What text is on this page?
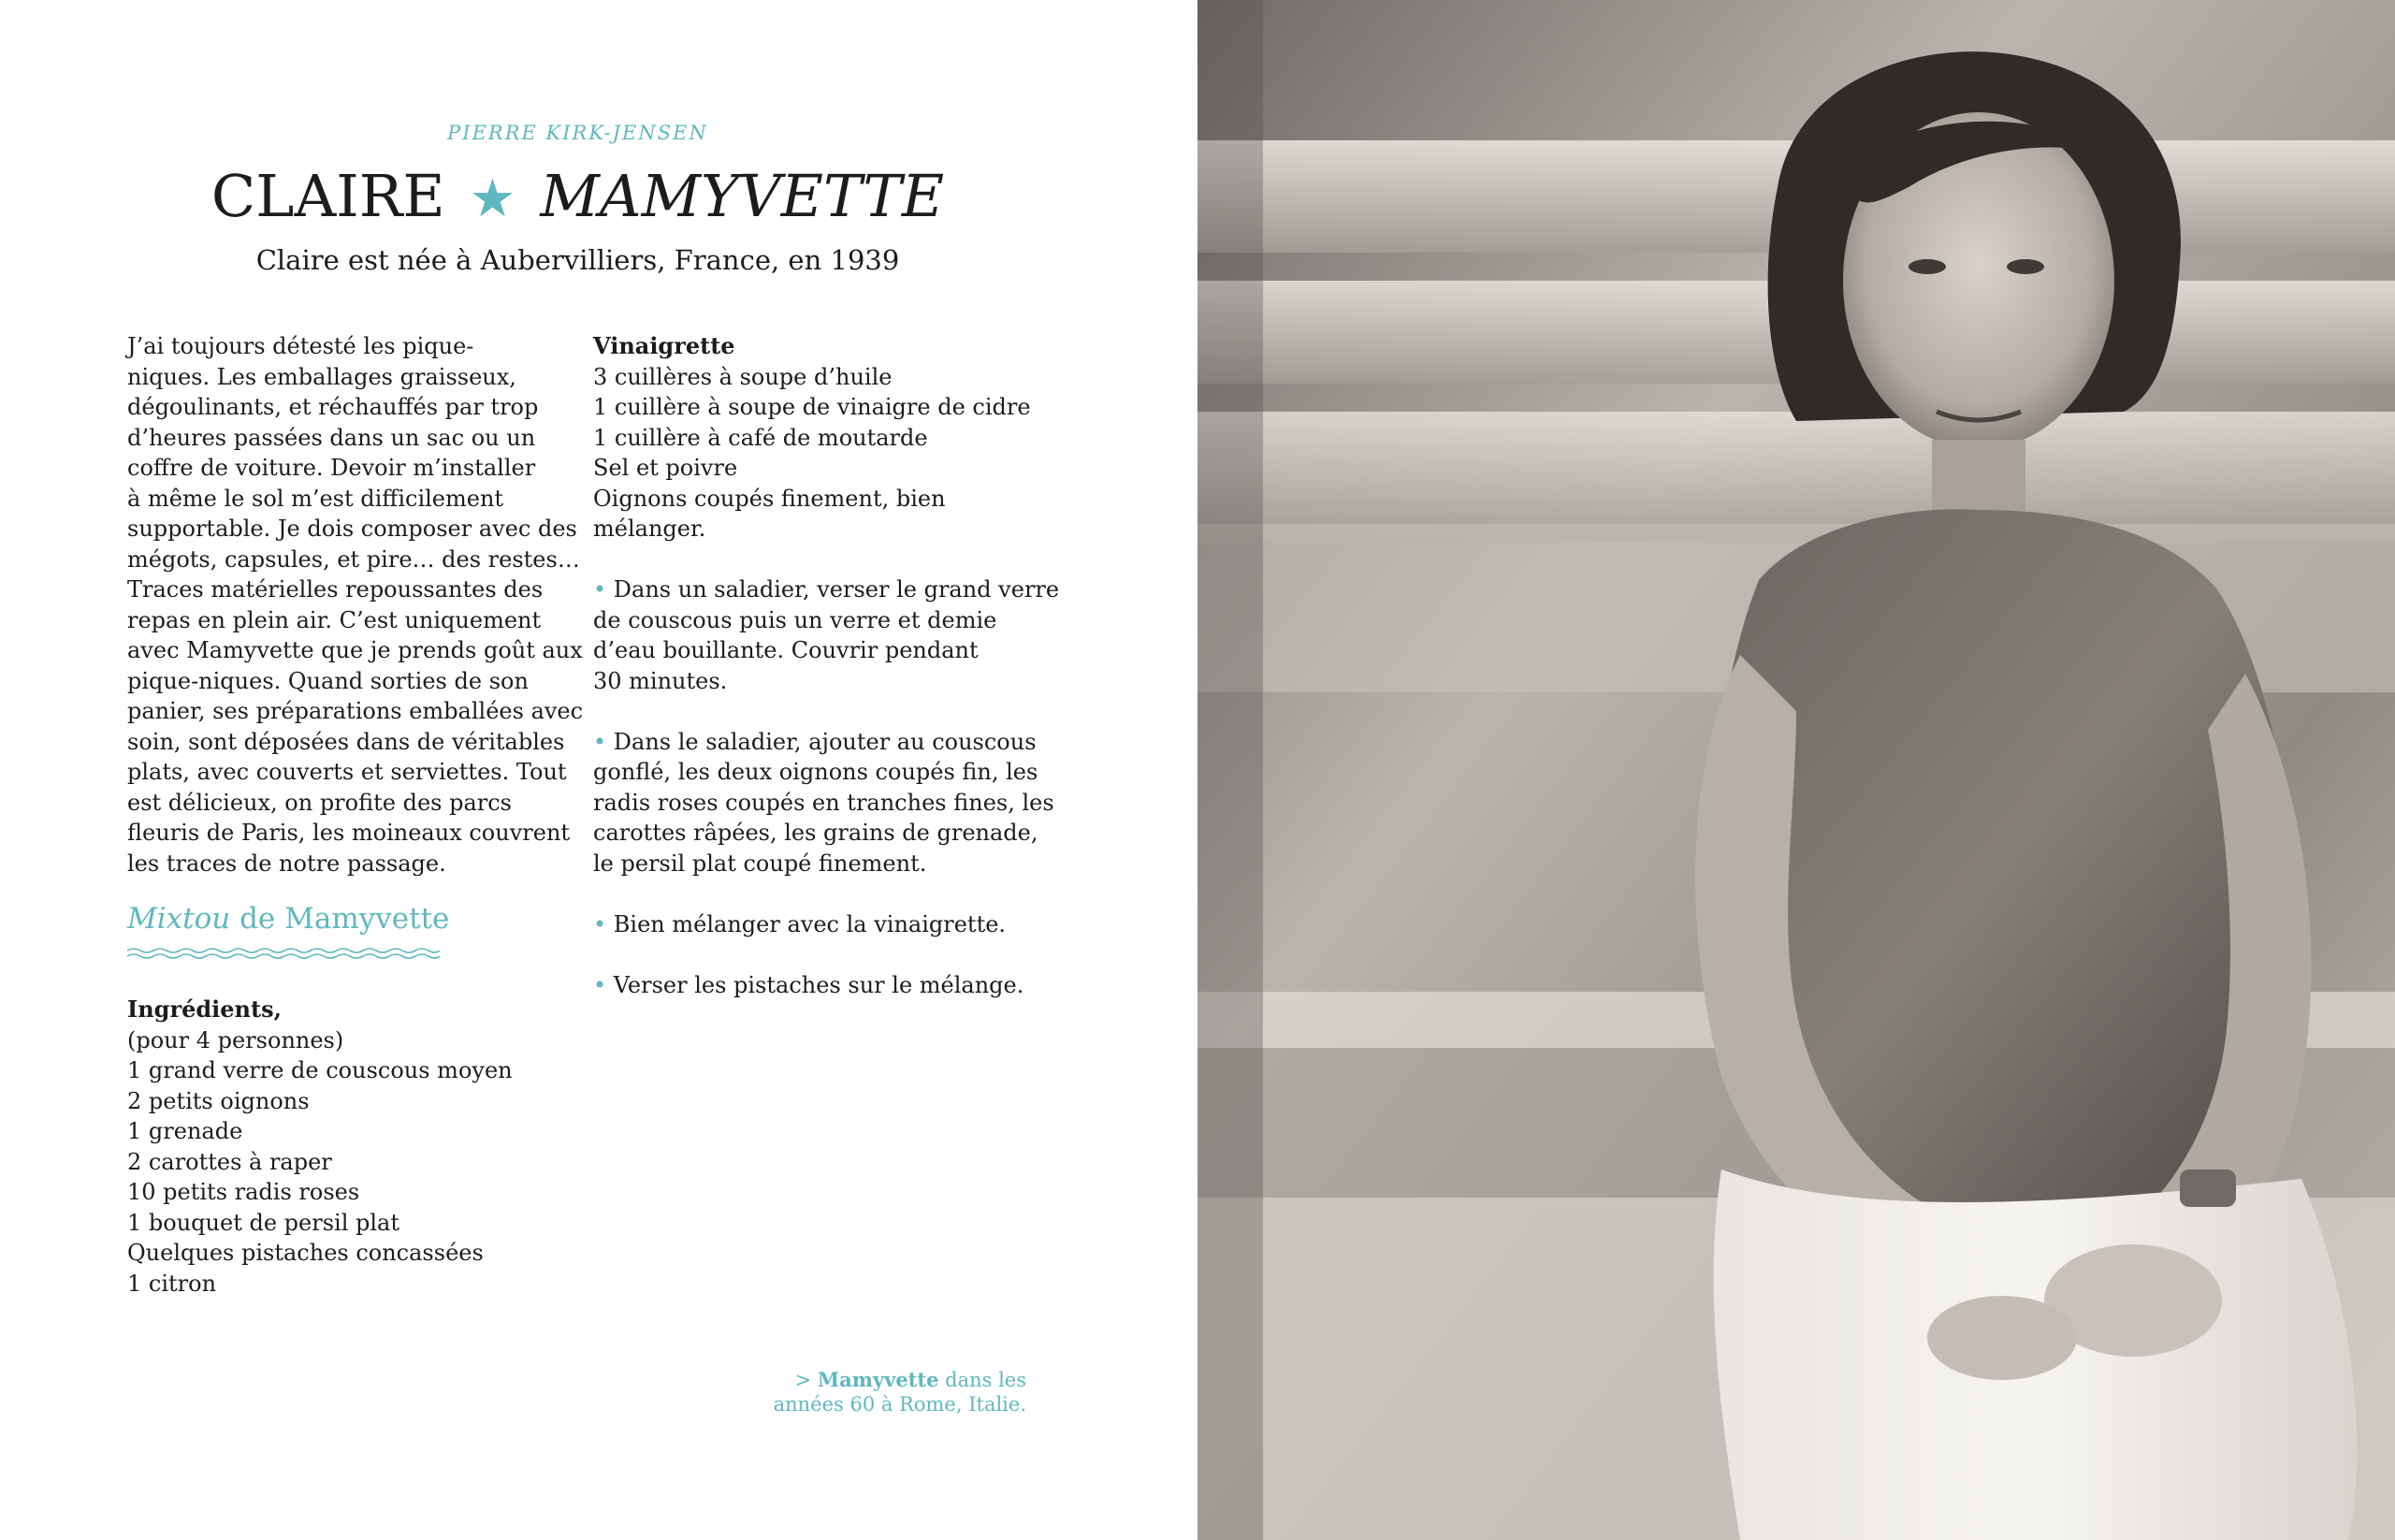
PIERRE KIRK-JENSEN
CLAIRE ★ MAMYVETTE
Claire est née à Aubervilliers, France, en 1939
J’ai toujours détesté les pique-
niques. Les emballages graisseux,
dégoulinants, et réchauffés par trop
d’heures passées dans un sac ou un
coffre de voiture. Devoir m’installer
à même le sol m’est difficilement
supportable. Je dois composer avec des
mégots, capsules, et pire… des restes…
Traces matérielles repoussantes des
repas en plein air. C’est uniquement
avec Mamyvette que je prends goût aux
pique-niques. Quand sorties de son
panier, ses préparations emballées avec
soin, sont déposées dans de véritables
plats, avec couverts et serviettes. Tout
est délicieux, on profite des parcs
fleuris de Paris, les moineaux couvrent
les traces de notre passage.
Mixtou de Mamyvette
Ingrédients,
(pour 4 personnes)
1 grand verre de couscous moyen
2 petits oignons
1 grenade
2 carottes à raper
10 petits radis roses
1 bouquet de persil plat
Quelques pistaches concassées
1 citron
Vinaigrette
3 cuillères à soupe d’huile
1 cuillère à soupe de vinaigre de cidre
1 cuillère à café de moutarde
Sel et poivre
Oignons coupés finement, bien
mélanger.
• Dans un saladier, verser le grand verre
de couscous puis un verre et demie
d’eau bouillante. Couvrir pendant
30 minutes.
• Dans le saladier, ajouter au couscous
gonflé, les deux oignons coupés fin, les
radis roses coupés en tranches fines, les
carottes râpées, les grains de grenade,
le persil plat coupé finement.
• Bien mélanger avec la vinaigrette.
• Verser les pistaches sur le mélange.
> Mamyvette dans les
années 60 à Rome, Italie.
